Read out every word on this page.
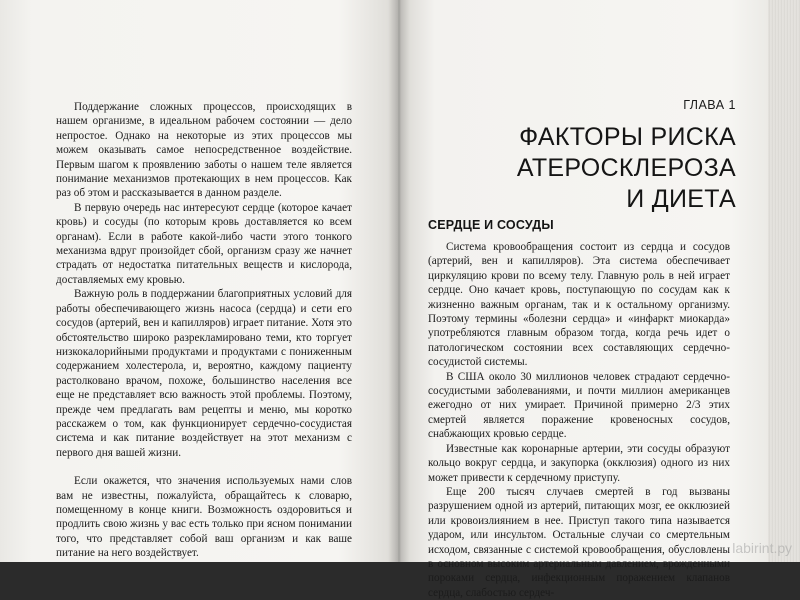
Поддержание сложных процессов, происходящих в нашем организме, в идеальном рабочем состоянии — дело непростое. Однако на некоторые из этих процессов мы можем оказывать самое непосредственное воздействие. Первым шагом к проявлению заботы о нашем теле является понимание механизмов протекающих в нем процессов. Как раз об этом и рассказывается в данном разделе.

В первую очередь нас интересуют сердце (которое качает кровь) и сосуды (по которым кровь доставляется ко всем органам). Если в работе какой-либо части этого тонкого механизма вдруг произойдет сбой, организм сразу же начнет страдать от недостатка питательных веществ и кислорода, доставляемых ему кровью.

Важную роль в поддержании благоприятных условий для работы обеспечивающего жизнь насоса (сердца) и сети его сосудов (артерий, вен и капилляров) играет питание. Хотя это обстоятельство широко разрекламировано теми, кто торгует низкокалорийными продуктами и продуктами с пониженным содержанием холестерола, и, вероятно, каждому пациенту растолковано врачом, похоже, большинство населения все еще не представляет всю важность этой проблемы. Поэтому, прежде чем предлагать вам рецепты и меню, мы коротко расскажем о том, как функционирует сердечно-сосудистая система и как питание воздействует на этот механизм с первого дня вашей жизни.

Если окажется, что значения используемых нами слов вам не известны, пожалуйста, обращайтесь к словарю, помещенному в конце книги. Возможность оздоровиться и продлить свою жизнь у вас есть только при ясном понимании того, что представляет собой ваш организм и как ваше питание на него воздействует.

ГЛАВА 1
ФАКТОРЫ РИСКА
АТЕРОСКЛЕРОЗА
И ДИЕТА
СЕРДЦЕ И СОСУДЫ

Система кровообращения состоит из сердца и сосудов (артерий, вен и капилляров). Эта система обеспечивает циркуляцию крови по всему телу. Главную роль в ней играет сердце. Оно качает кровь, поступающую по сосудам как к жизненно важным органам, так и к остальному организму. Поэтому термины «болезни сердца» и «инфаркт миокарда» употребляются главным образом тогда, когда речь идет о патологическом состоянии всех составляющих сердечно-сосудистой системы.

В США около 30 миллионов человек страдают сердечно-сосудистыми заболеваниями, и почти миллион американцев ежегодно от них умирает. Причиной примерно 2/3 этих смертей является поражение кровеносных сосудов, снабжающих кровью сердце.

Известные как коронарные артерии, эти сосуды образуют кольцо вокруг сердца, и закупорка (окклюзия) одного из них может привести к сердечному приступу.

Еще 200 тысяч случаев смертей в год вызваны разрушением одной из артерий, питающих мозг, ее окклюзией или кровоизлиянием в нее. Приступ такого типа называется ударом, или инсультом. Остальные случаи со смертельным исходом, связанные с системой кровообращения, обусловлены в основном высоким артериальным давлением, врожденными пороками сердца, инфекционным поражением клапанов сердца, слабостью сердеч-

labirint.ру
